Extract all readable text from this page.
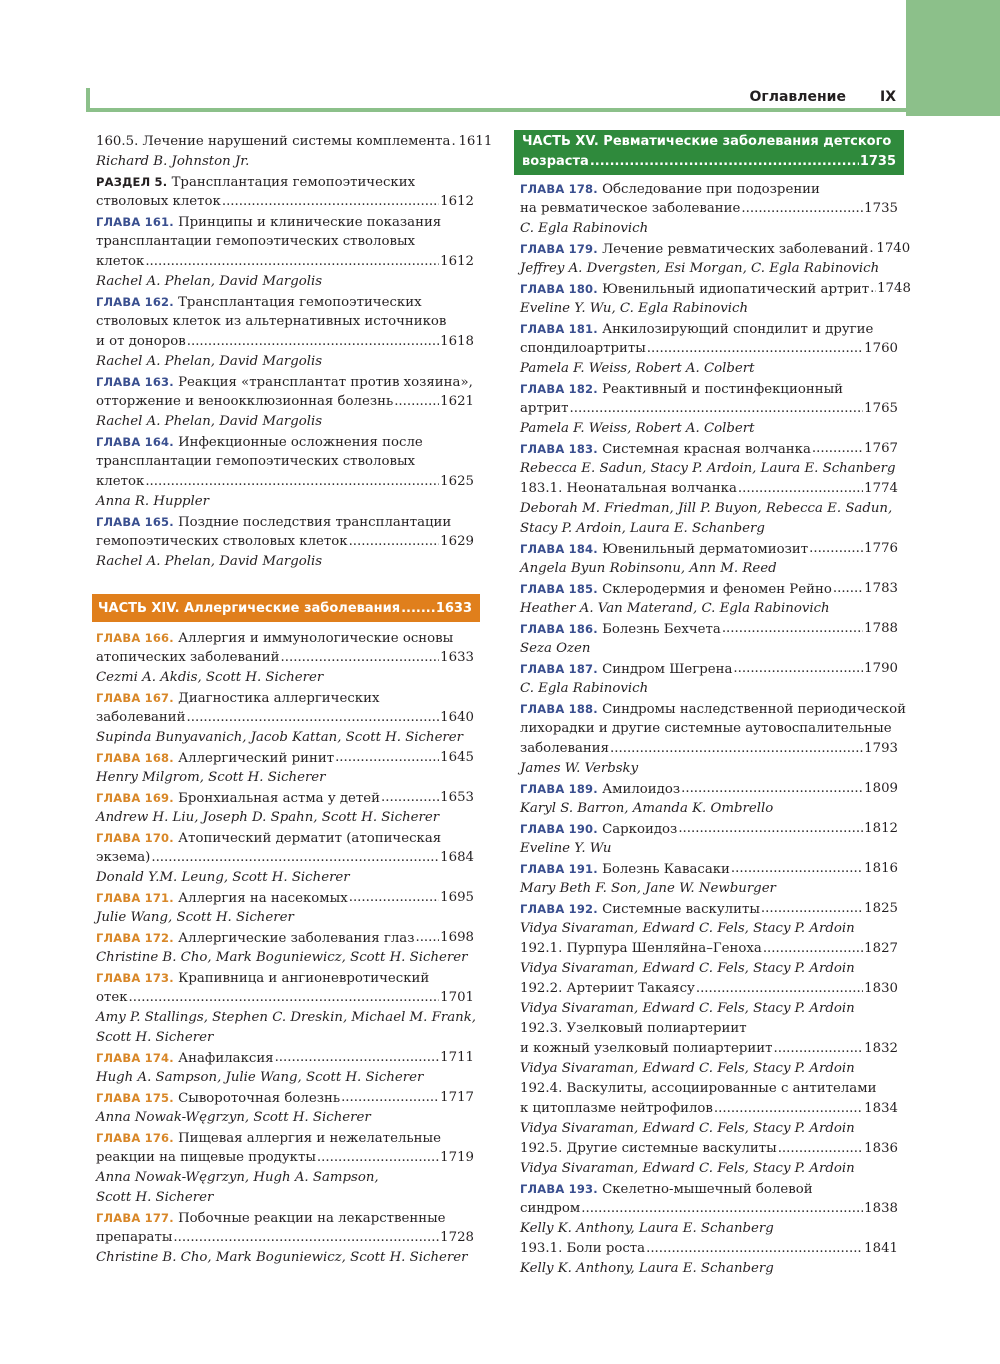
Оглавление IX
160.5. Лечение нарушений системы комплемента ..... 1611
Richard B. Johnston Jr.
РАЗДЕЛ 5. Трансплантация гемопоэтических
стволовых клеток .....	1612
ГЛАВА 161. Принципы и клинические показания
трансплантации гемопоэтических стволовых
клеток .....	1612
Rachel A. Phelan, David Margolis
ГЛАВА 162. Трансплантация гемопоэтических
стволовых клеток из альтернативных источников
и от доноров .....	1618
Rachel A. Phelan, David Margolis
ГЛАВА 163. Реакция «трансплантат против хозяина»,
отторжение и веноокклюзионная болезнь .....	1621
Rachel A. Phelan, David Margolis
ГЛАВА 164. Инфекционные осложнения после
трансплантации гемопоэтических стволовых
клеток .....	1625
Anna R. Huppler
ГЛАВА 165. Поздние последствия трансплантации
гемопоэтических стволовых клеток .....	1629
Rachel A. Phelan, David Margolis
ЧАСТЬ XIV. Аллергические заболевания .....	1633
ГЛАВА 166. Аллергия и иммунологические основы
атопических заболеваний .....	1633
Cezmi A. Akdis, Scott H. Sicherer
ГЛАВА 167. Диагностика аллергических
заболеваний .....	1640
Supinda Bunyavanich, Jacob Kattan, Scott H. Sicherer
ГЛАВА 168. Аллергический ринит .....	1645
Henry Milgrom, Scott H. Sicherer
ГЛАВА 169. Бронхиальная астма у детей .....	1653
Andrew H. Liu, Joseph D. Spahn, Scott H. Sicherer
ГЛАВА 170. Атопический дерматит (атопическая
экзема) .....	1684
Donald Y.M. Leung, Scott H. Sicherer
ГЛАВА 171. Аллергия на насекомых .....	1695
Julie Wang, Scott H. Sicherer
ГЛАВА 172. Аллергические заболевания глаз ..... 1698
Christine B. Cho, Mark Boguniewicz, Scott H. Sicherer
ГЛАВА 173. Крапивница и ангионевротический
отек .....	1701
Amy P. Stallings, Stephen C. Dreskin, Michael M. Frank,
Scott H. Sicherer
ГЛАВА 174. Анафилаксия .....	1711
Hugh A. Sampson, Julie Wang, Scott H. Sicherer
ГЛАВА 175. Сывороточная болезнь .....	1717
Anna Nowak-Węgrzyn, Scott H. Sicherer
ГЛАВА 176. Пищевая аллергия и нежелательные
реакции на пищевые продукты .....	1719
Anna Nowak-Węgrzyn, Hugh A. Sampson,
Scott H. Sicherer
ГЛАВА 177. Побочные реакции на лекарственные
препараты .....	1728
Christine B. Cho, Mark Boguniewicz, Scott H. Sicherer
ЧАСТЬ XV. Ревматические заболевания детского
возраста .....	1735
ГЛАВА 178. Обследование при подозрении
на ревматическое заболевание .....	1735
C. Egla Rabinovich
ГЛАВА 179. Лечение ревматических заболеваний ..... 1740
Jeffrey A. Dvergsten, Esi Morgan, C. Egla Rabinovich
ГЛАВА 180. Ювенильный идиопатический артрит ..... 1748
Eveline Y. Wu, C. Egla Rabinovich
ГЛАВА 181. Анкилозирующий спондилит и другие
спондилоартриты .....	1760
Pamela F. Weiss, Robert A. Colbert
ГЛАВА 182. Реактивный и постинфекционный
артрит .....	1765
Pamela F. Weiss, Robert A. Colbert
ГЛАВА 183. Системная красная волчанка .....	1767
Rebecca E. Sadun, Stacy P. Ardoin, Laura E. Schanberg
183.1. Неонатальная волчанка .....	1774
Deborah M. Friedman, Jill P. Buyon, Rebecca E. Sadun,
Stacy P. Ardoin, Laura E. Schanberg
ГЛАВА 184. Ювенильный дерматомиозит .....	1776
Angela Byun Robinsonu, Ann M. Reed
ГЛАВА 185. Склеродермия и феномен Рейно ..... 1783
Heather A. Van Materand, C. Egla Rabinovich
ГЛАВА 186. Болезнь Бехчета .....	1788
Seza Ozen
ГЛАВА 187. Синдром Шегрена .....	1790
C. Egla Rabinovich
ГЛАВА 188. Синдромы наследственной периодической
лихорадки и другие системные аутовоспалительные
заболевания .....	1793
James W. Verbsky
ГЛАВА 189. Амилоидоз .....	1809
Karyl S. Barron, Amanda K. Ombrello
ГЛАВА 190. Саркоидоз .....	1812
Eveline Y. Wu
ГЛАВА 191. Болезнь Кавасаки .....	1816
Mary Beth F. Son, Jane W. Newburger
ГЛАВА 192. Системные васкулиты .....	1825
Vidya Sivaraman, Edward C. Fels, Stacy P. Ardoin
192.1. Пурпура Шенляйна–Геноха .....	1827
Vidya Sivaraman, Edward C. Fels, Stacy P. Ardoin
192.2. Артериит Такаясу .....	1830
Vidya Sivaraman, Edward C. Fels, Stacy P. Ardoin
192.3. Узелковый полиартериит
и кожный узелковый полиартериит .....	1832
Vidya Sivaraman, Edward C. Fels, Stacy P. Ardoin
192.4. Васкулиты, ассоциированные с антителами
к цитоплазме нейтрофилов .....	1834
Vidya Sivaraman, Edward C. Fels, Stacy P. Ardoin
192.5. Другие системные васкулиты .....	1836
Vidya Sivaraman, Edward C. Fels, Stacy P. Ardoin
ГЛАВА 193. Скелетно-мышечный болевой
синдром .....	1838
Kelly K. Anthony, Laura E. Schanberg
193.1. Боли роста .....	1841
Kelly K. Anthony, Laura E. Schanberg
